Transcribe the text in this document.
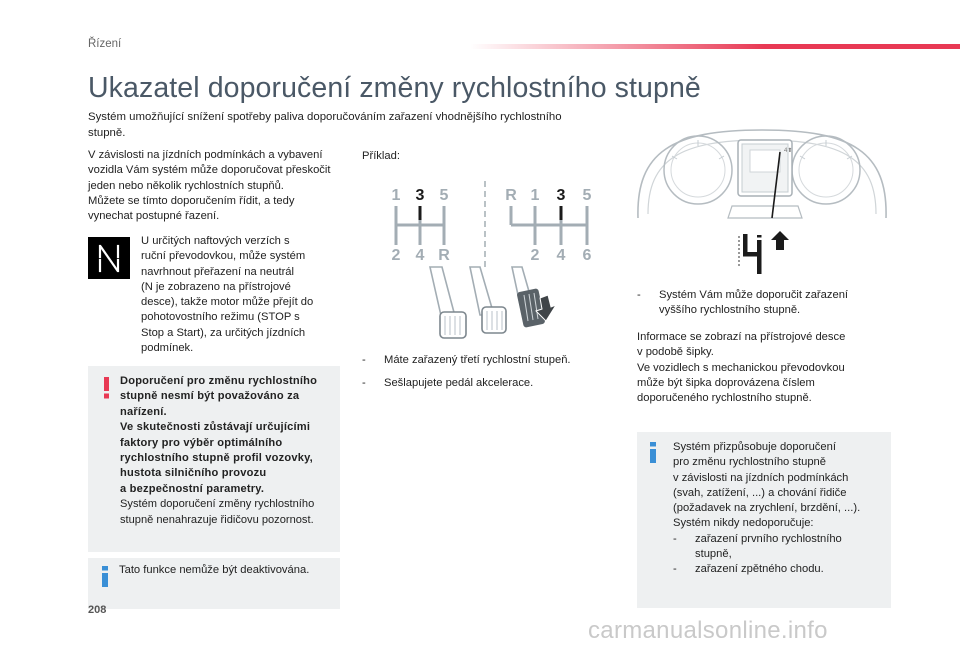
Řízení
Ukazatel doporučení změny rychlostního stupně

Systém umožňující snížení spotřeby paliva doporučováním zařazení vhodnějšího rychlostního stupně.

V závislosti na jízdních podmínkách a vybavení
vozidla Vám systém může doporučovat přeskočit
jeden nebo několik rychlostních stupňů.
Můžete se tímto doporučením řídit, a tedy
vynechat postupné řazení.
U určitých naftových verzích s
ruční převodovkou, může systém
navrhnout přeřazení na neutrál
(N je zobrazeno na přístrojové
desce), takže motor může přejít do
pohotovostního režimu (STOP s
Stop a Start), za určitých jízdních
podmínek.
Doporučení pro změnu rychlostního
stupně nesmí být považováno za
nařízení.
Ve skutečnosti zůstávají určujícími
faktory pro výběr optimálního
rychlostního stupně profil vozovky,
hustota silničního provozu
a bezpečnostní parametry.
Systém doporučení změny rychlostního
stupně nenahrazuje řidičovu pozornost.
Tato funkce nemůže být deaktivována.
Příklad:
1 3 5
2 4 R
R 1 3 5
2 4 6
- Máte zařazený třetí rychlostní stupeň.
- Sešlapujete pedál akcelerace.
4⬆
- Systém Vám může doporučit zařazení
vyššího rychlostního stupně.
Informace se zobrazí na přístrojové desce
v podobě šipky.
Ve vozidlech s mechanickou převodovkou
může být šipka doprovázena číslem
doporučeného rychlostního stupně.
Systém přizpůsobuje doporučení
pro změnu rychlostního stupně
v závislosti na jízdních podmínkách
(svah, zatížení, ...) a chování řidiče
(požadavek na zrychlení, brzdění, ...).
Systém nikdy nedoporučuje:
- zařazení prvního rychlostního
stupně,
- zařazení zpětného chodu.
208
carmanualsonline.info
